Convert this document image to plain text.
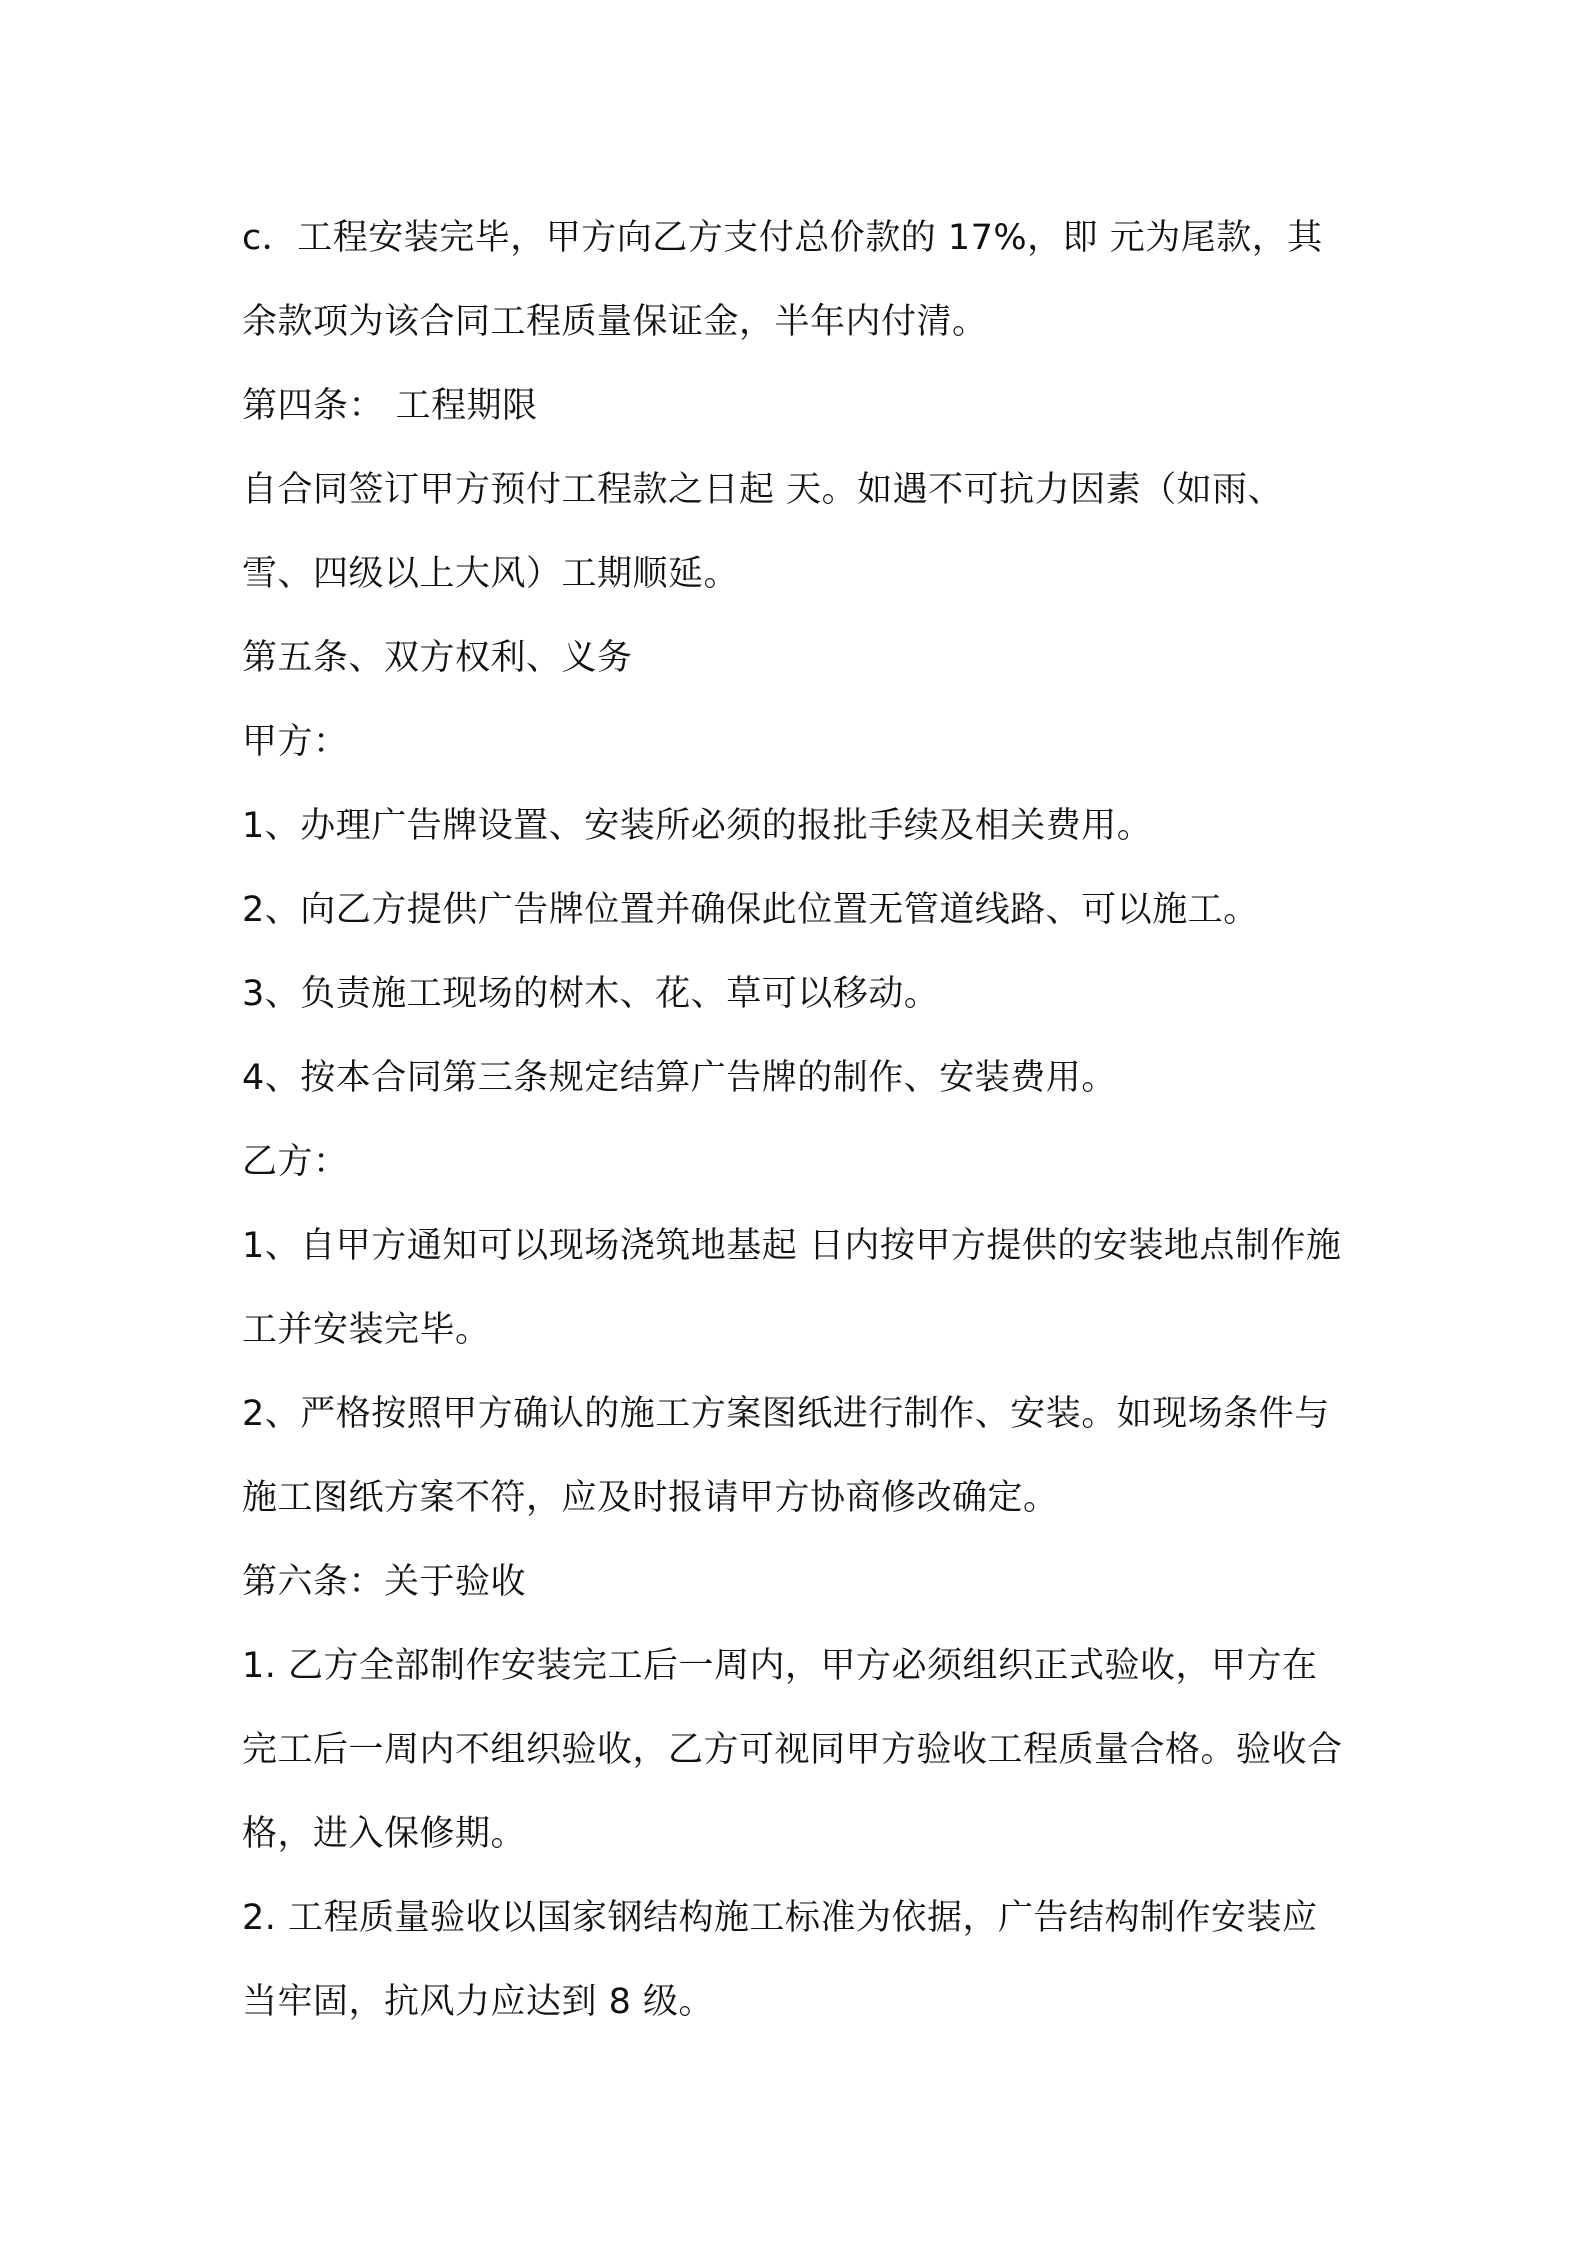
c．工程安装完毕，甲方向乙方支付总价款的 17%，即 元为尾款，其余款项为该合同工程质量保证金，半年内付清。

第四条： 工程期限

自合同签订甲方预付工程款之日起 天。如遇不可抗力因素（如雨、雪、四级以上大风）工期顺延。

第五条、双方权利、义务

甲方：

1、办理广告牌设置、安装所必须的报批手续及相关费用。

2、向乙方提供广告牌位置并确保此位置无管道线路、可以施工。

3、负责施工现场的树木、花、草可以移动。

4、按本合同第三条规定结算广告牌的制作、安装费用。

乙方：

1、自甲方通知可以现场浇筑地基起 日内按甲方提供的安装地点制作施工并安装完毕。

2、严格按照甲方确认的施工方案图纸进行制作、安装。如现场条件与施工图纸方案不符，应及时报请甲方协商修改确定。

第六条：关于验收

1. 乙方全部制作安装完工后一周内，甲方必须组织正式验收，甲方在完工后一周内不组织验收，乙方可视同甲方验收工程质量合格。验收合格，进入保修期。

2. 工程质量验收以国家钢结构施工标准为依据，广告结构制作安装应当牢固，抗风力应达到 8 级。
